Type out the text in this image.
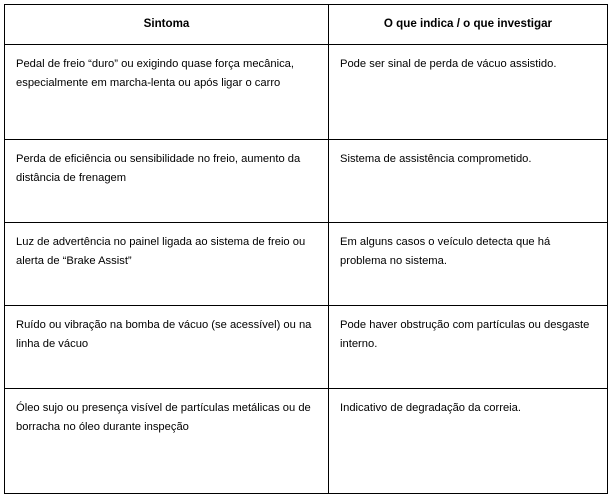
Sintoma	O que indica / o que investigar
Pedal de freio “duro” ou exigindo quase força mecânica, especialmente em marcha-lenta ou após ligar o carro	Pode ser sinal de perda de vácuo assistido.
Perda de eficiência ou sensibilidade no freio, aumento da distância de frenagem	Sistema de assistência comprometido.
Luz de advertência no painel ligada ao sistema de freio ou alerta de “Brake Assist”	Em alguns casos o veículo detecta que há problema no sistema.
Ruído ou vibração na bomba de vácuo (se acessível) ou na linha de vácuo	Pode haver obstrução com partículas ou desgaste interno.
Óleo sujo ou presença visível de partículas metálicas ou de borracha no óleo durante inspeção	Indicativo de degradação da correia.
